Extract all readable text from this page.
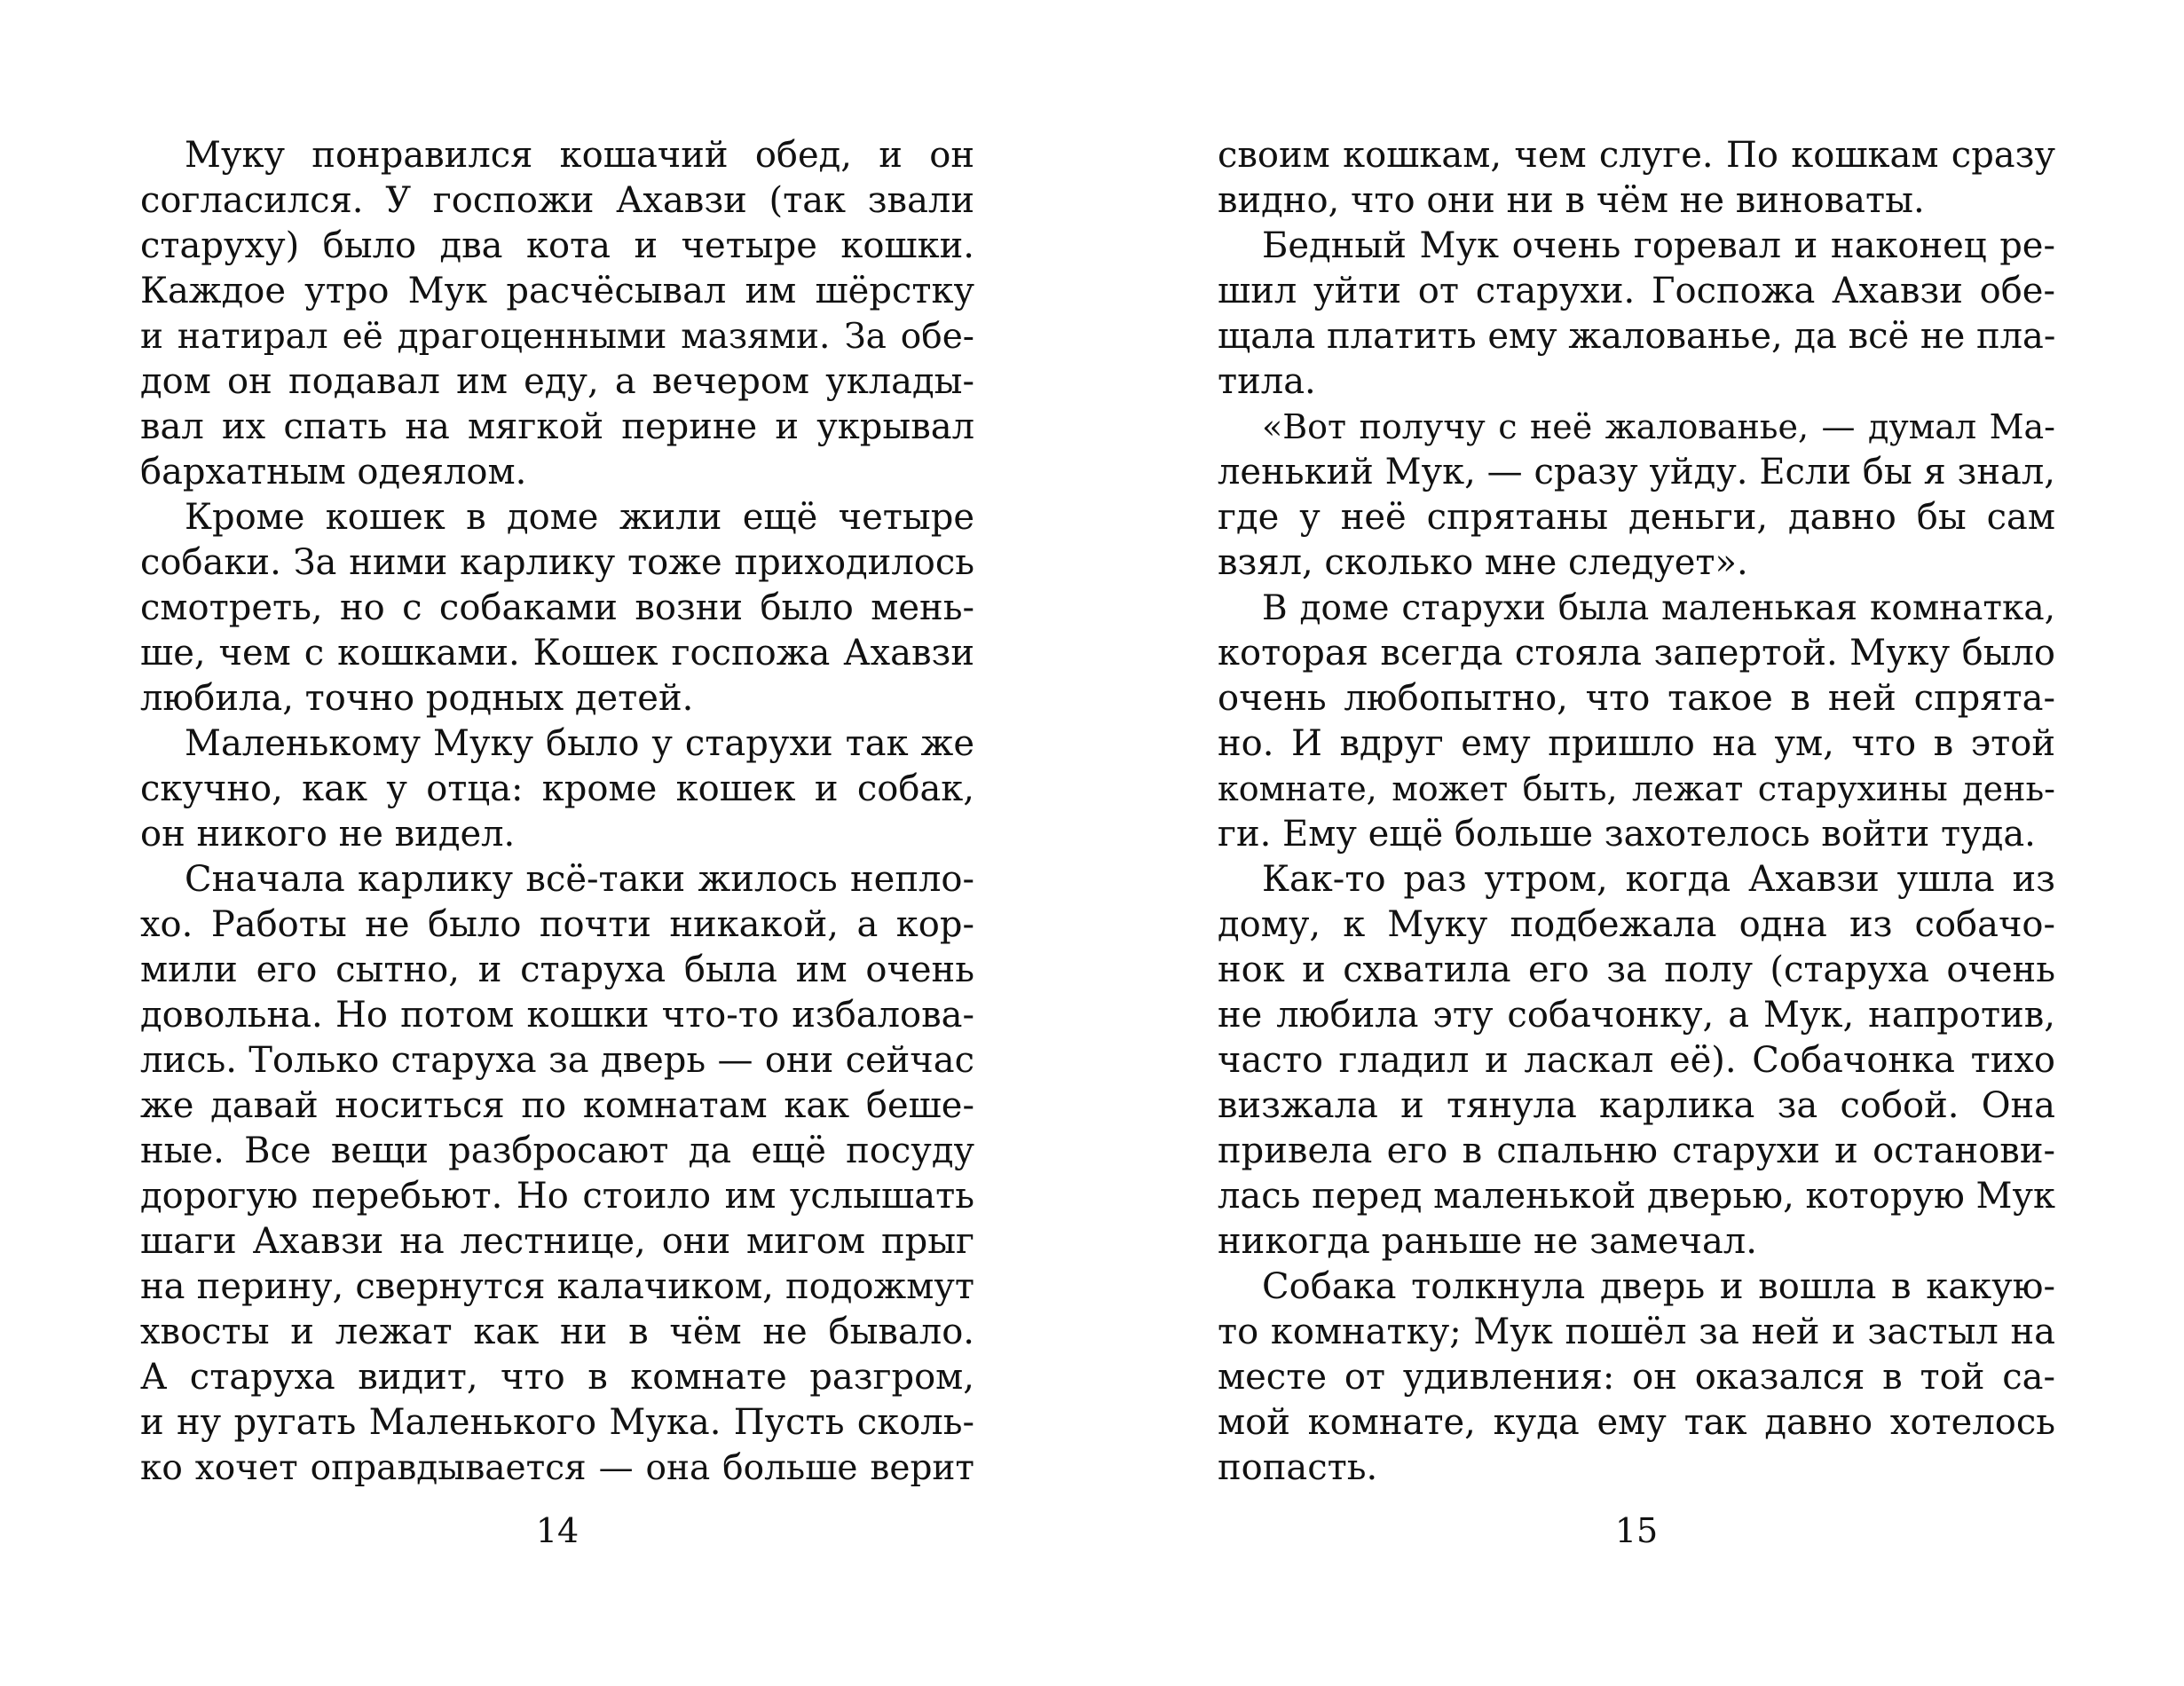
Муку понравился кошачий обед, и он
согласился. У госпожи Ахавзи (так звали
старуху) было два кота и четыре кошки.
Каждое утро Мук расчёсывал им шёрстку
и натирал её драгоценными мазями. За обе-
дом он подавал им еду, а вечером уклады-
вал их спать на мягкой перине и укрывал
бархатным одеялом.
Кроме кошек в доме жили ещё четыре
собаки. За ними карлику тоже приходилось
смотреть, но с собаками возни было мень-
ше, чем с кошками. Кошек госпожа Ахавзи
любила, точно родных детей.
Маленькому Муку было у старухи так же
скучно, как у отца: кроме кошек и собак,
он никого не видел.
Сначала карлику всё-таки жилось непло-
хо. Работы не было почти никакой, а кор-
мили его сытно, и старуха была им очень
довольна. Но потом кошки что-то избалова-
лись. Только старуха за дверь — они сейчас
же давай носиться по комнатам как беше-
ные. Все вещи разбросают да ещё посуду
дорогую перебьют. Но стоило им услышать
шаги Ахавзи на лестнице, они мигом прыг
на перину, свернутся калачиком, подожмут
хвосты и лежат как ни в чём не бывало.
А старуха видит, что в комнате разгром,
и ну ругать Маленького Мука. Пусть сколь-
ко хочет оправдывается — она больше верит
14
своим кошкам, чем слуге. По кошкам сразу
видно, что они ни в чём не виноваты.
Бедный Мук очень горевал и наконец ре-
шил уйти от старухи. Госпожа Ахавзи обе-
щала платить ему жалованье, да всё не пла-
тила.
«Вот получу с неё жалованье, — думал Ма-
ленький Мук, — сразу уйду. Если бы я знал,
где у неё спрятаны деньги, давно бы сам
взял, сколько мне следует».
В доме старухи была маленькая комнатка,
которая всегда стояла запертой. Муку было
очень любопытно, что такое в ней спрята-
но. И вдруг ему пришло на ум, что в этой
комнате, может быть, лежат старухины день-
ги. Ему ещё больше захотелось войти туда.
Как-то раз утром, когда Ахавзи ушла из
дому, к Муку подбежала одна из собачо-
нок и схватила его за полу (старуха очень
не любила эту собачонку, а Мук, напротив,
часто гладил и ласкал её). Собачонка тихо
визжала и тянула карлика за собой. Она
привела его в спальню старухи и останови-
лась перед маленькой дверью, которую Мук
никогда раньше не замечал.
Собака толкнула дверь и вошла в какую-
то комнатку; Мук пошёл за ней и застыл на
месте от удивления: он оказался в той са-
мой комнате, куда ему так давно хотелось
попасть.
15
